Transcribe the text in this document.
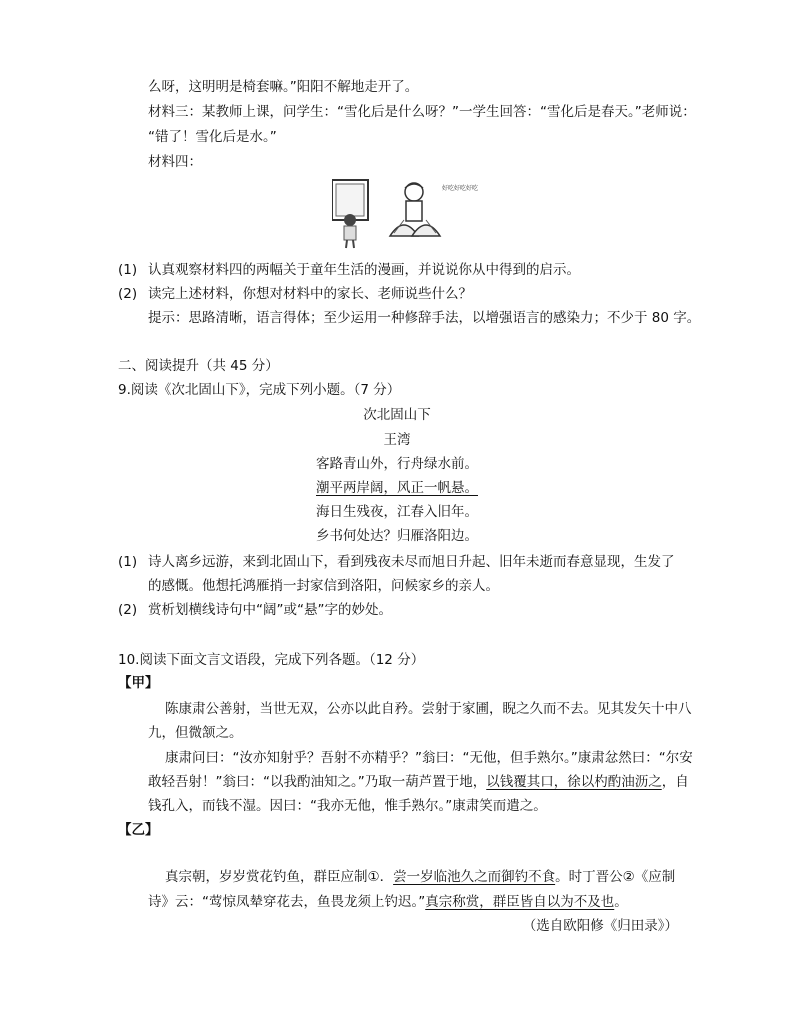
么呀，这明明是椅套嘛。”阳阳不解地走开了。
材料三：某教师上课，问学生：“雪化后是什么呀？”一学生回答：“雪化后是春天。”老师说：
“错了！雪化后是水。”
材料四：
好吃好吃好吃
(1) 认真观察材料四的两幅关于童年生活的漫画，并说说你从中得到的启示。
(2) 读完上述材料，你想对材料中的家长、老师说些什么？
提示：思路清晰，语言得体；至少运用一种修辞手法，以增强语言的感染力；不少于 80 字。
二、阅读提升（共 45 分）
9.阅读《次北固山下》，完成下列小题。（7 分）
次北固山下
王湾
客路青山外，行舟绿水前。
潮平两岸阔，风正一帆悬。
海日生残夜，江春入旧年。
乡书何处达？归雁洛阳边。
(1) 诗人离乡远游，来到北固山下，看到残夜未尽而旭日升起、旧年未逝而春意显现，生发了
的感慨。他想托鸿雁捎一封家信到洛阳，问候家乡的亲人。
(2) 赏析划横线诗句中“阔”或“悬”字的妙处。
10.阅读下面文言文语段，完成下列各题。（12 分）
【甲】
陈康肃公善射，当世无双，公亦以此自矜。尝射于家圃，睨之久而不去。见其发矢十中八
九，但微颔之。
康肃问曰：“汝亦知射乎？吾射不亦精乎？”翁曰：“无他，但手熟尔。”康肃忿然曰：“尔安
敢轻吾射！”翁曰：“以我酌油知之。”乃取一葫芦置于地，以钱覆其口，徐以杓酌油沥之，自
钱孔入，而钱不湿。因曰：“我亦无他，惟手熟尔。”康肃笑而遣之。
【乙】
真宗朝，岁岁赏花钓鱼，群臣应制①．尝一岁临池久之而御钓不食。时丁晋公②《应制
诗》云：“莺惊凤辇穿花去，鱼畏龙须上钓迟。”真宗称赏，群臣皆自以为不及也。
（选自欧阳修《归田录》）
